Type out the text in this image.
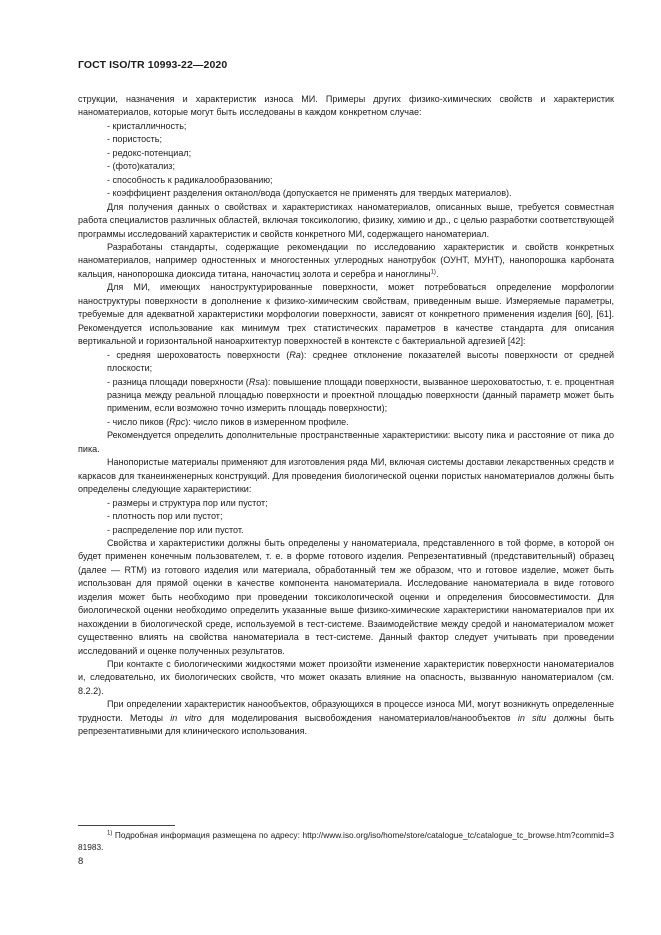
ГОСТ ISO/TR 10993-22—2020

струкции, назначения и характеристик износа МИ. Примеры других физико-химических свойств и характеристик наноматериалов, которые могут быть исследованы в каждом конкретном случае:

- кристалличность;

- пористость;

- редокс-потенциал;

- (фото)катализ;

- способность к радикалообразованию;

- коэффициент разделения октанол/вода (допускается не применять для твердых материалов).

Для получения данных о свойствах и характеристиках наноматериалов, описанных выше, требуется совместная работа специалистов различных областей, включая токсикологию, физику, химию и др., с целью разработки соответствующей программы исследований характеристик и свойств конкретного МИ, содержащего наноматериал.

Разработаны стандарты, содержащие рекомендации по исследованию характеристик и свойств конкретных наноматериалов, например одностенных и многостенных углеродных нанотрубок (ОУНТ, МУНТ), нанопорошка карбоната кальция, нанопорошка диоксида титана, наночастиц золота и серебра и наноглины$^{1)}$.

Для МИ, имеющих наноструктурированные поверхности, может потребоваться определение морфологии наноструктуры поверхности в дополнение к физико-химическим свойствам, приведенным выше. Измеряемые параметры, требуемые для адекватной характеристики морфологии поверхности, зависят от конкретного применения изделия [60], [61]. Рекомендуется использование как минимум трех статистических параметров в качестве стандарта для описания вертикальной и горизонтальной наноархитектур поверхностей в контексте с бактериальной адгезией [42]:

- средняя шероховатость поверхности (Ra): среднее отклонение показателей высоты поверхности от средней плоскости;

- разница площади поверхности (Rsa): повышение площади поверхности, вызванное шероховатостью, т. е. процентная разница между реальной площадью поверхности и проектной площадью поверхности (данный параметр может быть применим, если возможно точно измерить площадь поверхности);

- число пиков (Rpc): число пиков в измеренном профиле.

Рекомендуется определить дополнительные пространственные характеристики: высоту пика и расстояние от пика до пика.

Нанопористые материалы применяют для изготовления ряда МИ, включая системы доставки лекарственных средств и каркасов для тканеинженерных конструкций. Для проведения биологической оценки пористых наноматериалов должны быть определены следующие характеристики:

- размеры и структура пор или пустот;

- плотность пор или пустот;

- распределение пор или пустот.

Свойства и характеристики должны быть определены у наноматериала, представленного в той форме, в которой он будет применен конечным пользователем, т. е. в форме готового изделия. Репрезентативный (представительный) образец (далее — RTM) из готового изделия или материала, обработанный тем же образом, что и готовое изделие, может быть использован для прямой оценки в качестве компонента наноматериала. Исследование наноматериала в виде готового изделия может быть необходимо при проведении токсикологической оценки и определения биосовместимости. Для биологической оценки необходимо определить указанные выше физико-химические характеристики наноматериалов при их нахождении в биологической среде, используемой в тест-системе. Взаимодействие между средой и наноматериалом может существенно влиять на свойства наноматериала в тест-системе. Данный фактор следует учитывать при проведении исследований и оценке полученных результатов.

При контакте с биологическими жидкостями может произойти изменение характеристик поверхности наноматериалов и, следовательно, их биологических свойств, что может оказать влияние на опасность, вызванную наноматериалом (см. 8.2.2).

При определении характеристик нанообъектов, образующихся в процессе износа МИ, могут возникнуть определенные трудности. Методы in vitro для моделирования высвобождения наноматериалов/нанообъектов in situ должны быть репрезентативными для клинического использования.

$^{1)}$ Подробная информация размещена по адресу: http://www.iso.org/iso/home/store/catalogue_tc/catalogue_tc_browse.htm?commid=381983.

8
